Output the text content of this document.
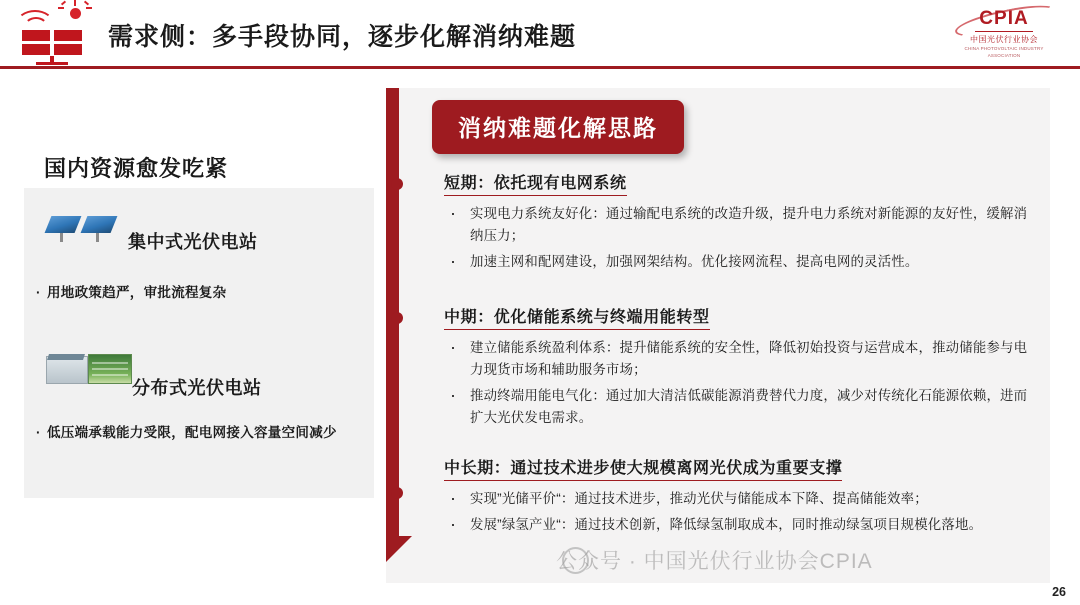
需求侧：多手段协同，逐步化解消纳难题
CPIA
中国光伏行业协会
CHINA PHOTOVOLTAIC INDUSTRY ASSOCIATION
国内资源愈发吃紧
集中式光伏电站
· 用地政策趋严，审批流程复杂
分布式光伏电站
· 低压端承载能力受限，配电网接入容量空间减少
消纳难题化解思路
短期：依托现有电网系统
· 实现电力系统友好化：通过输配电系统的改造升级，提升电力系统对新能源的友好性，缓解消纳压力；
· 加速主网和配网建设，加强网架结构。优化接网流程、提高电网的灵活性。
中期：优化储能系统与终端用能转型
· 建立储能系统盈利体系：提升储能系统的安全性，降低初始投资与运营成本，推动储能参与电力现货市场和辅助服务市场；
· 推动终端用能电气化：通过加大清洁低碳能源消费替代力度，减少对传统化石能源依赖，进而扩大光伏发电需求。
中长期：通过技术进步使大规模离网光伏成为重要支撑
· 实现”光储平价“：通过技术进步，推动光伏与储能成本下降、提高储能效率；
· 发展”绿氢产业“：通过技术创新，降低绿氢制取成本，同时推动绿氢项目规模化落地。
公众号 · 中国光伏行业协会CPIA
26
